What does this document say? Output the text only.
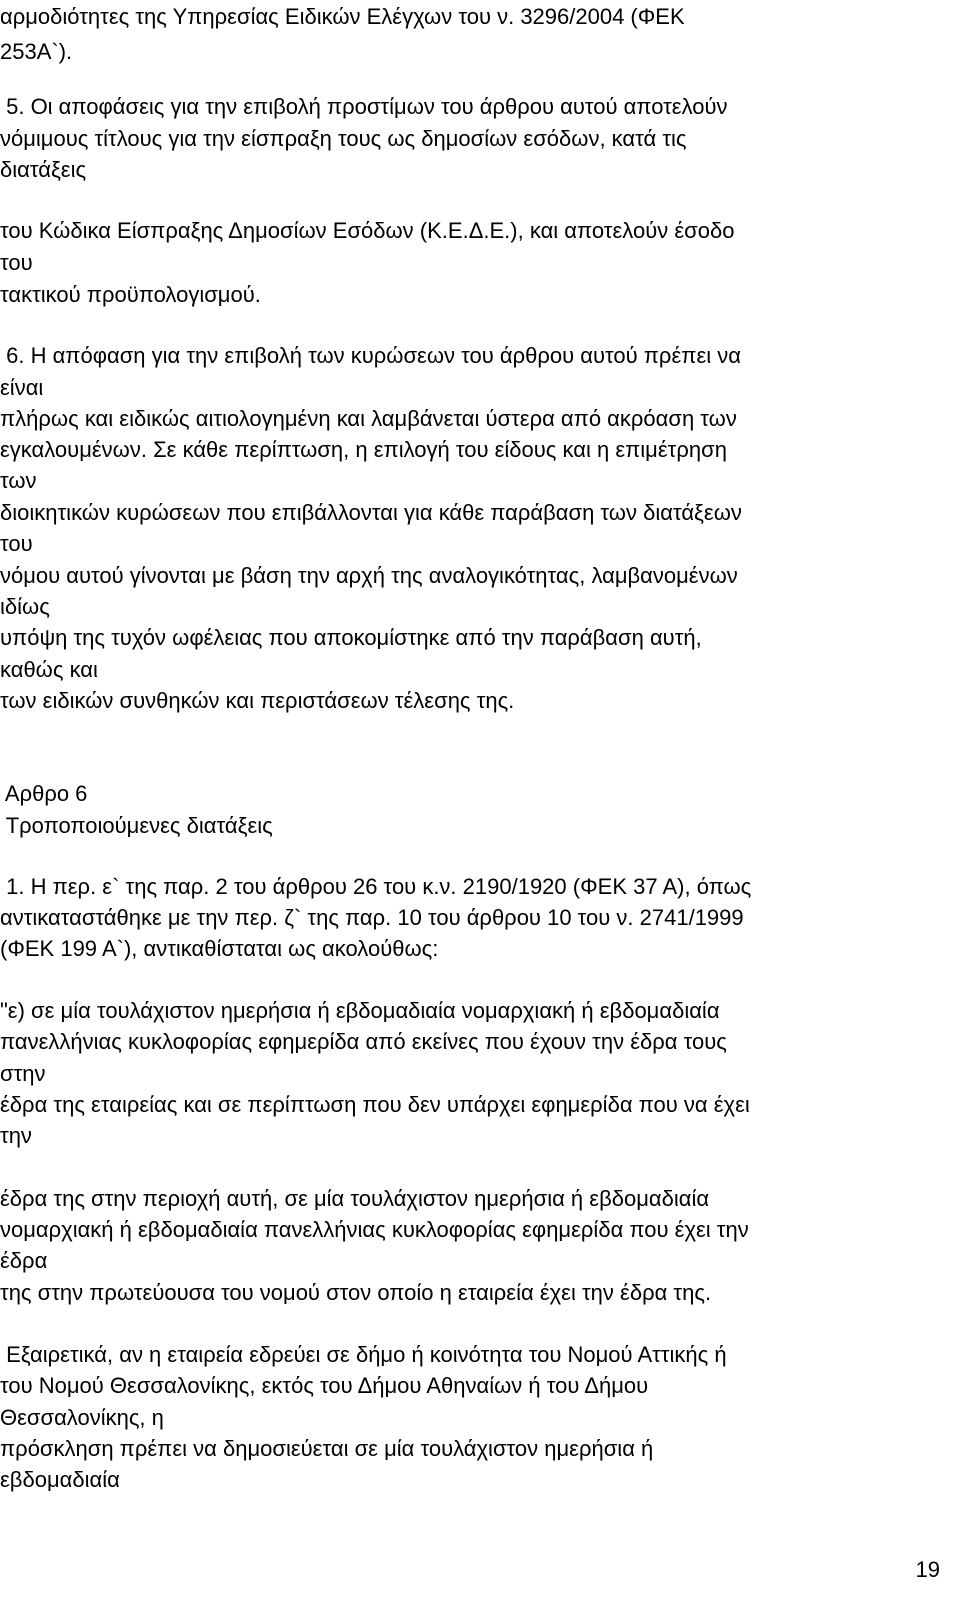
αρμοδιότητες της Υπηρεσίας Ειδικών Ελέγχων του ν. 3296/2004 (ΦΕΚ
253Α`).
5. Οι αποφάσεις για την επιβολή προστίμων του άρθρου αυτού αποτελούν
νόμιμους τίτλους για την είσπραξη τους ως δημοσίων εσόδων, κατά τις
διατάξεις
του Κώδικα Είσπραξης Δημοσίων Εσόδων (Κ.Ε.Δ.Ε.), και αποτελούν έσοδο
του
τακτικού προϋπολογισμού.
6. Η απόφαση για την επιβολή των κυρώσεων του άρθρου αυτού πρέπει να
είναι
πλήρως και ειδικώς αιτιολογημένη και λαμβάνεται ύστερα από ακρόαση των
εγκαλουμένων. Σε κάθε περίπτωση, η επιλογή του είδους και η επιμέτρηση
των
διοικητικών κυρώσεων που επιβάλλονται για κάθε παράβαση των διατάξεων
του
νόμου αυτού γίνονται με βάση την αρχή της αναλογικότητας, λαμβανομένων
ιδίως
υπόψη της τυχόν ωφέλειας που αποκομίστηκε από την παράβαση αυτή,
καθώς και
των ειδικών συνθηκών και περιστάσεων τέλεσης της.
Αρθρο 6
Τροποποιούμενες διατάξεις
1. Η περ. ε` της παρ. 2 του άρθρου 26 του κ.ν. 2190/1920 (ΦΕΚ 37 Α), όπως
αντικαταστάθηκε με την περ. ζ` της παρ. 10 του άρθρου 10 του ν. 2741/1999
(ΦΕΚ 199 Α`), αντικαθίσταται ως ακολούθως:
"ε) σε μία τουλάχιστον ημερήσια ή εβδομαδιαία νομαρχιακή ή εβδομαδιαία
πανελλήνιας κυκλοφορίας εφημερίδα από εκείνες που έχουν την έδρα τους
στην
έδρα της εταιρείας και σε περίπτωση που δεν υπάρχει εφημερίδα που να έχει
την
έδρα της στην περιοχή αυτή, σε μία τουλάχιστον ημερήσια ή εβδομαδιαία
νομαρχιακή ή εβδομαδιαία πανελλήνιας κυκλοφορίας εφημερίδα που έχει την
έδρα
της στην πρωτεύουσα του νομού στον οποίο η εταιρεία έχει την έδρα της.
Εξαιρετικά, αν η εταιρεία εδρεύει σε δήμο ή κοινότητα του Νομού Αττικής ή
του Νομού Θεσσαλονίκης, εκτός του Δήμου Αθηναίων ή του Δήμου
Θεσσαλονίκης, η
πρόσκληση πρέπει να δημοσιεύεται σε μία τουλάχιστον ημερήσια ή
εβδομαδιαία
19
